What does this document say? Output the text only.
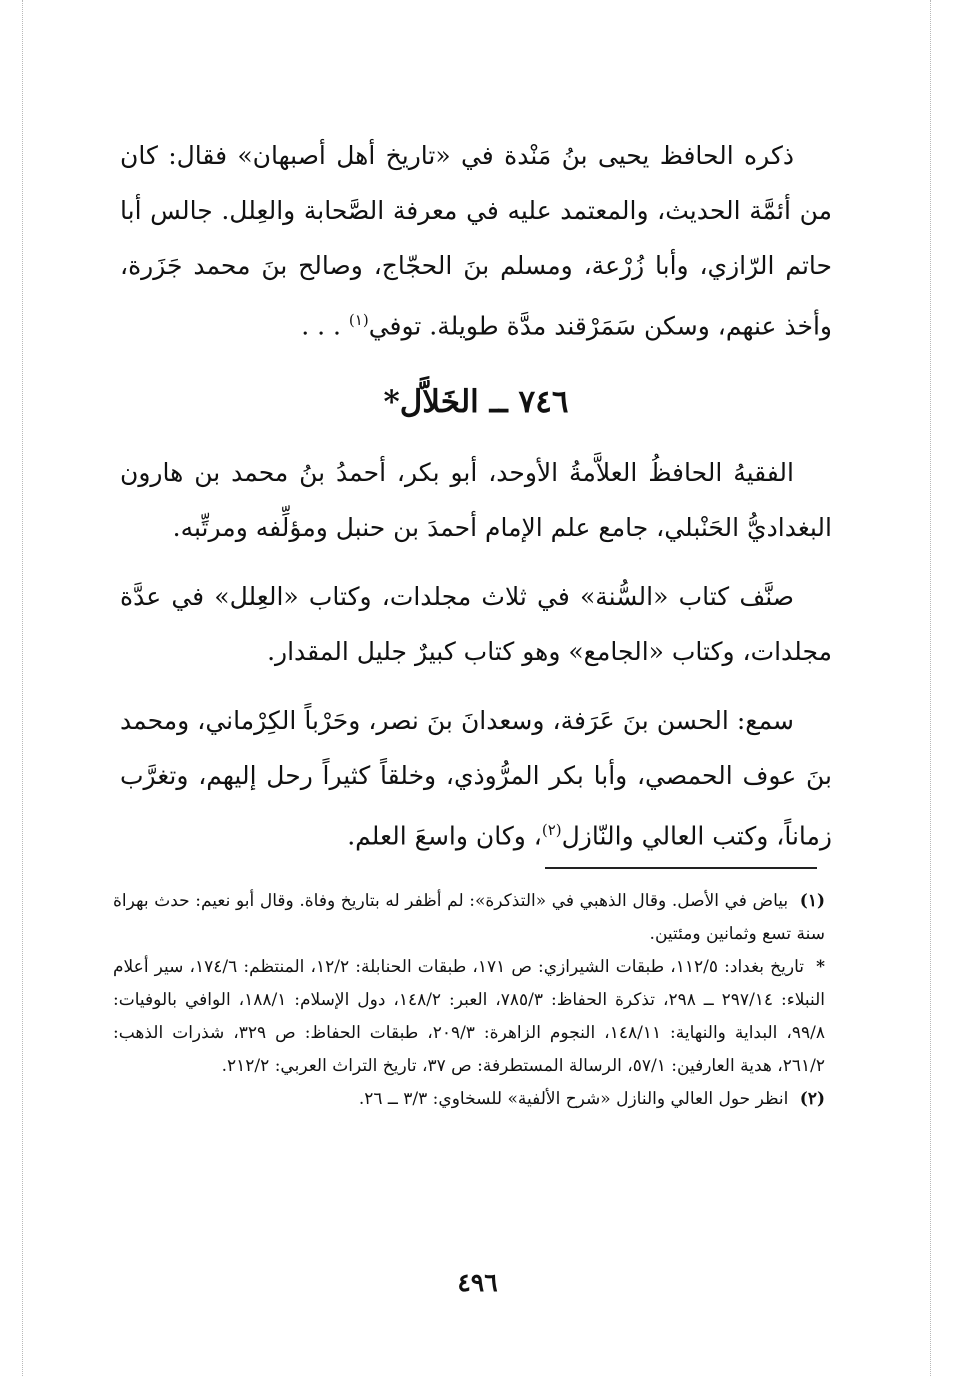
ذكره الحافظ يحيى بنُ مَنْدة في «تاريخ أهل أصبهان» فقال: كان من أئمَّة الحديث، والمعتمد عليه في معرفة الصَّحابة والعِلل. جالس أبا حاتم الرّازي، وأبا زُرْعة، ومسلم بنَ الحجّاج، وصالح بنَ محمد جَزَرة، وأخذ عنهم، وسكن سَمَرْقند مدَّة طويلة. توفي$^{(١)}$ . . .

٧٤٦ ــ الخَلاَّل*

الفقيهُ الحافظُ العلاَّمةُ الأوحد، أبو بكر، أحمدُ بنُ محمد بن هارون البغداديُّ الحَنْبلي، جامع علم الإمام أحمدَ بن حنبل ومؤلِّفه ومرتِّبه.

صنَّف كتاب «السُّنة» في ثلاث مجلدات، وكتاب «العِلل» في عدَّة مجلدات، وكتاب «الجامع» وهو كتاب كبيرٌ جليل المقدار.

سمع: الحسن بنَ عَرَفة، وسعدانَ بنَ نصر، وحَرْباً الكِرْماني، ومحمد بنَ عوف الحمصي، وأبا بكر المرُّوذي، وخلقاً كثيراً رحل إليهم، وتغرَّب زماناً، وكتب العالي والنّازل$^{(٢)}$، وكان واسعَ العلم.

(١) بياض في الأصل. وقال الذهبي في «التذكرة»: لم أظفر له بتاريخ وفاة. وقال أبو نعيم: حدث بهراة سنة تسع وثمانين ومئتين.

* تاريخ بغداد: ١١٢/٥، طبقات الشيرازي: ص ١٧١، طبقات الحنابلة: ١٢/٢، المنتظم: ١٧٤/٦، سير أعلام النبلاء: ٢٩٧/١٤ ــ ٢٩٨، تذكرة الحفاظ: ٧٨٥/٣، العبر: ١٤٨/٢، دول الإسلام: ١٨٨/١، الوافي بالوفيات: ٩٩/٨، البداية والنهاية: ١٤٨/١١، النجوم الزاهرة: ٢٠٩/٣، طبقات الحفاظ: ص ٣٢٩، شذرات الذهب: ٢٦١/٢، هدية العارفين: ٥٧/١، الرسالة المستطرفة: ص ٣٧، تاريخ التراث العربي: ٢١٢/٢.

(٢) انظر حول العالي والنازل «شرح الألفية» للسخاوي: ٣/٣ ــ ٢٦.

٤٩٦
